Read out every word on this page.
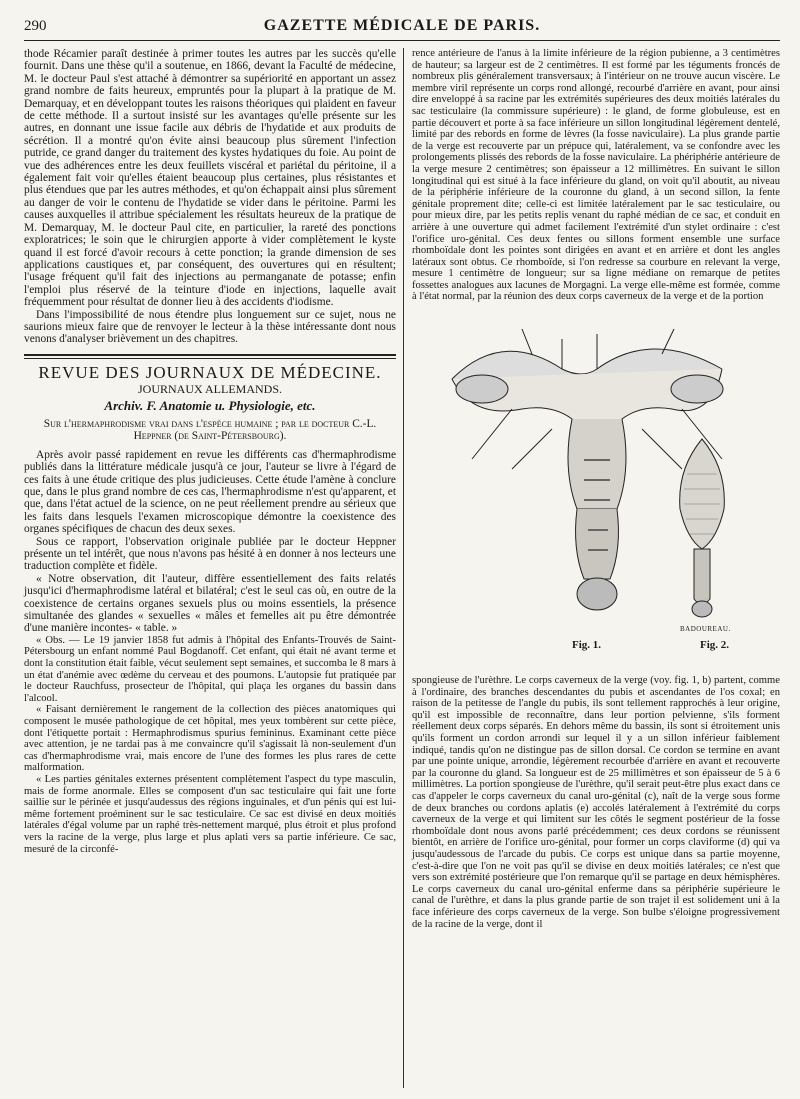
290	GAZETTE MÉDICALE DE PARIS.

thode Récamier paraît destinée à primer toutes les autres par les succès qu'elle fournit. Dans une thèse qu'il a soutenue, en 1866, devant la Faculté de médecine, M. le docteur Paul s'est attaché à démontrer sa supériorité en apportant un assez grand nombre de faits heureux, empruntés pour la plupart à la pratique de M. Demarquay, et en développant toutes les raisons théoriques qui plaident en faveur de cette méthode. Il a surtout insisté sur les avantages qu'elle présente sur les autres, en donnant une issue facile aux débris de l'hydatide et aux produits de sécrétion. Il a montré qu'on évite ainsi beaucoup plus sûrement l'infection putride, ce grand danger du traitement des kystes hydatiques du foie. Au point de vue des adhérences entre les deux feuillets viscéral et pariétal du péritoine, il a également fait voir qu'elles étaient beaucoup plus certaines, plus résistantes et plus étendues que par les autres méthodes, et qu'on échappait ainsi plus sûrement au danger de voir le contenu de l'hydatide se vider dans le péritoine. Parmi les causes auxquelles il attribue spécialement les résultats heureux de la pratique de M. Demarquay, M. le docteur Paul cite, en particulier, la rareté des ponctions exploratrices; le soin que le chirurgien apporte à vider complètement le kyste quand il est forcé d'avoir recours à cette ponction; la grande dimension de ses applications caustiques et, par conséquent, des ouvertures qui en résultent; l'usage fréquent qu'il fait des injections au permanganate de potasse; enfin l'emploi plus réservé de la teinture d'iode en injections, laquelle avait fréquemment pour résultat de donner lieu à des accidents d'iodisme.

Dans l'impossibilité de nous étendre plus longuement sur ce sujet, nous ne saurions mieux faire que de renvoyer le lecteur à la thèse intéressante dont nous venons d'analyser brièvement un des chapitres.

REVUE DES JOURNAUX DE MÉDECINE.
JOURNAUX ALLEMANDS.
Archiv. F. Anatomie u. Physiologie, etc.
Sur l'hermaphrodisme vrai dans l'espèce humaine ; par le docteur C.-L. Heppner (de Saint-Pétersbourg).

Après avoir passé rapidement en revue les différents cas d'hermaphrodisme publiés dans la littérature médicale jusqu'à ce jour, l'auteur se livre à l'égard de ces faits à une étude critique des plus judicieuses. Cette étude l'amène à conclure que, dans le plus grand nombre de ces cas, l'hermaphrodisme n'est qu'apparent, et que, dans l'état actuel de la science, on ne peut réellement prendre au sérieux que les faits dans lesquels l'examen microscopique démontre la coexistence des organes spécifiques de chacun des deux sexes.

Sous ce rapport, l'observation originale publiée par le docteur Heppner présente un tel intérêt, que nous n'avons pas hésité à en donner à nos lecteurs une traduction complète et fidèle.

« Notre observation, dit l'auteur, diffère essentiellement des faits relatés jusqu'ici d'hermaphrodisme latéral et bilatéral; c'est le seul cas où, en outre de la coexistence de certains organes sexuels plus ou moins essentiels, la présence simultanée des glandes « sexuelles « mâles et femelles ait pu être démontrée d'une manière incontes- « table. »

« Obs. — Le 19 janvier 1858 fut admis à l'hôpital des Enfants-Trouvés de Saint-Pétersbourg un enfant nommé Paul Bogdanoff. Cet enfant, qui était né avant terme et dont la constitution était faible, vécut seulement sept semaines, et succomba le 8 mars à un état d'anémie avec œdème du cerveau et des poumons. L'autopsie fut pratiquée par le docteur Rauchfuss, prosecteur de l'hôpital, qui plaça les organes du bassin dans l'alcool.

« Faisant dernièrement le rangement de la collection des pièces anatomiques qui composent le musée pathologique de cet hôpital, mes yeux tombèrent sur cette pièce, dont l'étiquette portait : Hermaphrodismus spurius femininus. Examinant cette pièce avec attention, je ne tardai pas à me convaincre qu'il s'agissait là non-seulement d'un cas d'hermaphrodisme vrai, mais encore de l'une des formes les plus rares de cette malformation.

« Les parties génitales externes présentent complètement l'aspect du type masculin, mais de forme anormale. Elles se composent d'un sac testiculaire qui fait une forte saillie sur le périnée et jusqu'audessus des régions inguinales, et d'un pénis qui est lui-même fortement proéminent sur le sac testiculaire. Ce sac est divisé en deux moitiés latérales d'égal volume par un raphé très-nettement marqué, plus étroit et plus profond vers la racine de la verge, plus large et plus aplati vers sa partie inférieure. Ce sac, mesuré de la circonfé-

rence antérieure de l'anus à la limite inférieure de la région pubienne, a 3 centimètres de hauteur; sa largeur est de 2 centimètres. Il est formé par les téguments froncés de nombreux plis généralement transversaux; à l'intérieur on ne trouve aucun viscère. Le membre viril représente un corps rond allongé, recourbé d'arrière en avant, pour ainsi dire enveloppé à sa racine par les extrémités supérieures des deux moitiés latérales du sac testiculaire (la commissure supérieure) : le gland, de forme globuleuse, est en partie découvert et porte à sa face inférieure un sillon longitudinal légèrement dentelé, limité par des rebords en forme de lèvres (la fosse naviculaire). La plus grande partie de la verge est recouverte par un prépuce qui, latéralement, va se confondre avec les prolongements plissés des rebords de la fosse naviculaire. La phériphérie antérieure de la verge mesure 2 centimètres; son épaisseur a 12 millimètres. En suivant le sillon longitudinal qui est situé à la face inférieure du gland, on voit qu'il aboutit, au niveau de la périphérie inférieure de la couronne du gland, à un second sillon, la fente génitale proprement dite; celle-ci est limitée latéralement par le sac testiculaire, ou pour mieux dire, par les petits replis venant du raphé médian de ce sac, et conduit en arrière à une ouverture qui admet facilement l'extrémité d'un stylet ordinaire : c'est l'orifice uro-génital. Ces deux fentes ou sillons forment ensemble une surface rhomboïdale dont les pointes sont dirigées en avant et en arrière et dont les angles latéraux sont obtus. Ce rhomboïde, si l'on redresse sa courbure en relevant la verge, mesure 1 centimètre de longueur; sur sa ligne médiane on remarque de petites fossettes analogues aux lacunes de Morgagni. La verge elle-même est formée, comme à l'état normal, par la réunion des deux corps caverneux de la verge et de la portion

BADOUREAU.
Fig. 1.	Fig. 2.

spongieuse de l'urèthre. Le corps caverneux de la verge (voy. fig. 1, b) partent, comme à l'ordinaire, des branches descendantes du pubis et ascendantes de l'os coxal; en raison de la petitesse de l'angle du pubis, ils sont tellement rapprochés à leur origine, qu'il est impossible de reconnaître, dans leur portion pelvienne, s'ils forment réellement deux corps séparés. En dehors même du bassin, ils sont si étroitement unis qu'ils forment un cordon arrondi sur lequel il y a un sillon inférieur faiblement indiqué, tandis qu'on ne distingue pas de sillon dorsal. Ce cordon se termine en avant par une pointe unique, arrondie, légèrement recourbée d'arrière en avant et recouverte par la couronne du gland. Sa longueur est de 25 millimètres et son épaisseur de 5 à 6 millimètres. La portion spongieuse de l'urèthre, qu'il serait peut-être plus exact dans ce cas d'appeler le corps caverneux du canal uro-génital (c), naît de la verge sous forme de deux branches ou cordons aplatis (e) accolés latéralement à l'extrémité du corps caverneux de la verge et qui limitent sur les côtés le segment postérieur de la fosse rhomboïdale dont nous avons parlé précédemment; ces deux cordons se réunissent bientôt, en arrière de l'orifice uro-génital, pour former un corps claviforme (d) qui va jusqu'audessous de l'arcade du pubis. Ce corps est unique dans sa partie moyenne, c'est-à-dire que l'on ne voit pas qu'il se divise en deux moitiés latérales; ce n'est que vers son extrémité postérieure que l'on remarque qu'il se partage en deux hémisphères. Le corps caverneux du canal uro-génital enferme dans sa périphérie supérieure le canal de l'urèthre, et dans la plus grande partie de son trajet il est solidement uni à la face inférieure des corps caverneux de la verge. Son bulbe s'éloigne progressivement de la racine de la verge, dont il
